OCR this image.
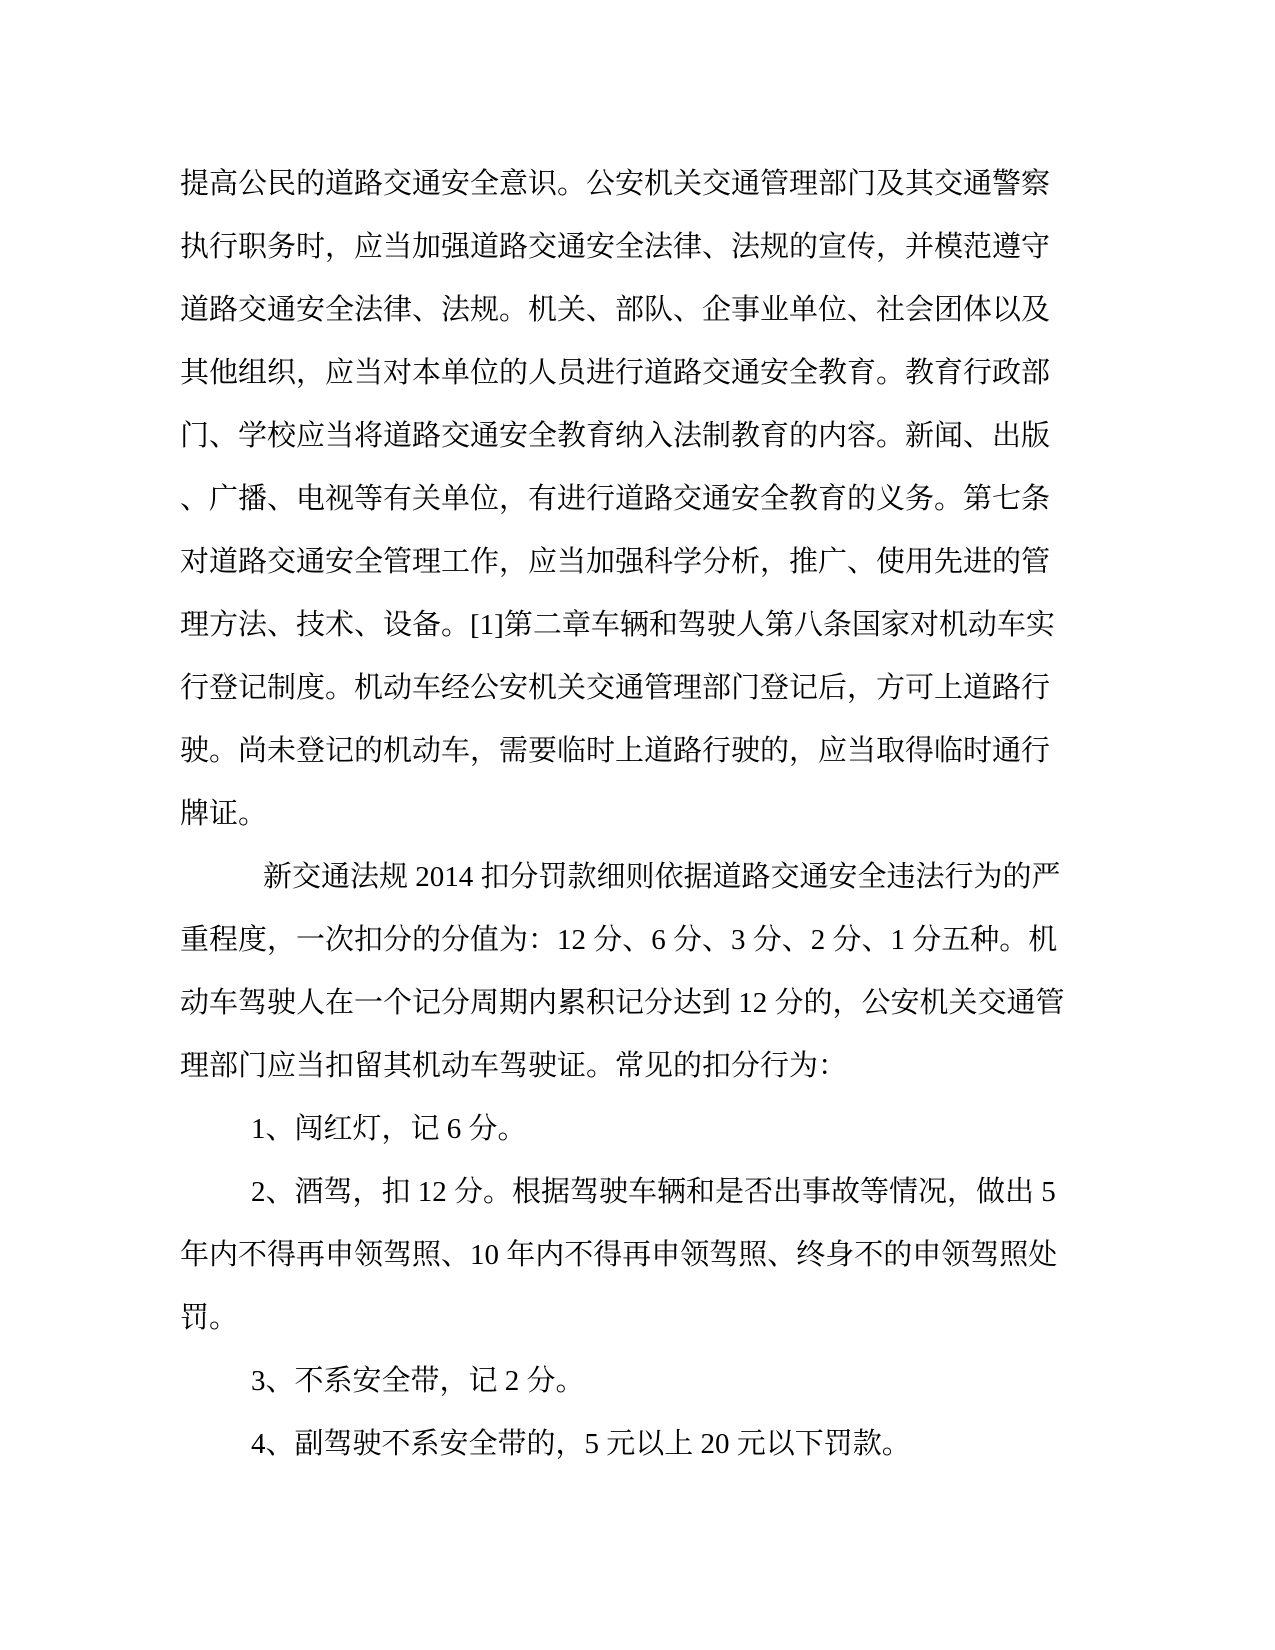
提高公民的道路交通安全意识。公安机关交通管理部门及其交通警察
执行职务时，应当加强道路交通安全法律、法规的宣传，并模范遵守
道路交通安全法律、法规。机关、部队、企事业单位、社会团体以及
其他组织，应当对本单位的人员进行道路交通安全教育。教育行政部
门、学校应当将道路交通安全教育纳入法制教育的内容。新闻、出版
、广播、电视等有关单位，有进行道路交通安全教育的义务。第七条
对道路交通安全管理工作，应当加强科学分析，推广、使用先进的管
理方法、技术、设备。[1]第二章车辆和驾驶人第八条国家对机动车实
行登记制度。机动车经公安机关交通管理部门登记后，方可上道路行
驶。尚未登记的机动车，需要临时上道路行驶的，应当取得临时通行
牌证。
新交通法规 2014 扣分罚款细则依据道路交通安全违法行为的严
重程度，一次扣分的分值为：12 分、6 分、3 分、2 分、1 分五种。机
动车驾驶人在一个记分周期内累积记分达到 12 分的，公安机关交通管
理部门应当扣留其机动车驾驶证。常见的扣分行为：
1、闯红灯，记 6 分。
2、酒驾，扣 12 分。根据驾驶车辆和是否出事故等情况，做出 5
年内不得再申领驾照、10 年内不得再申领驾照、终身不的申领驾照处
罚。
3、不系安全带，记 2 分。
4、副驾驶不系安全带的，5 元以上 20 元以下罚款。
